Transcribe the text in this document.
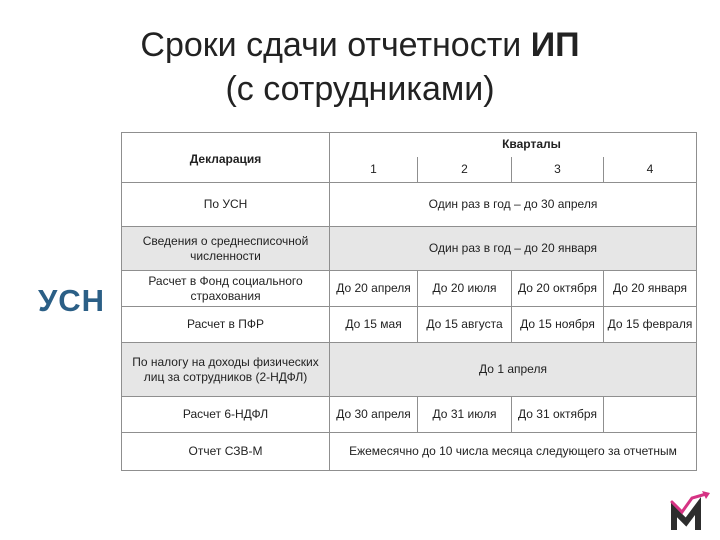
Сроки сдачи отчетности ИП
(с сотрудниками)
УСН
Декларация	Кварталы			
	1	2	3	4
По УСН	Один раз в год – до 30 апреля			
Сведения о среднесписочной численности	Один раз в год – до 20 января			
Расчет в Фонд социального страхования	До 20 апреля	До 20 июля	До 20 октября	До 20 января
Расчет в ПФР	До 15 мая	До 15 августа	До 15 ноября	До 15 февраля
По налогу на доходы физических лиц за сотрудников (2-НДФЛ)	До 1 апреля			
Расчет 6-НДФЛ	До 30 апреля	До 31 июля	До 31 октября	
Отчет СЗВ-М	Ежемесячно до 10 числа месяца следующего за отчетным			
